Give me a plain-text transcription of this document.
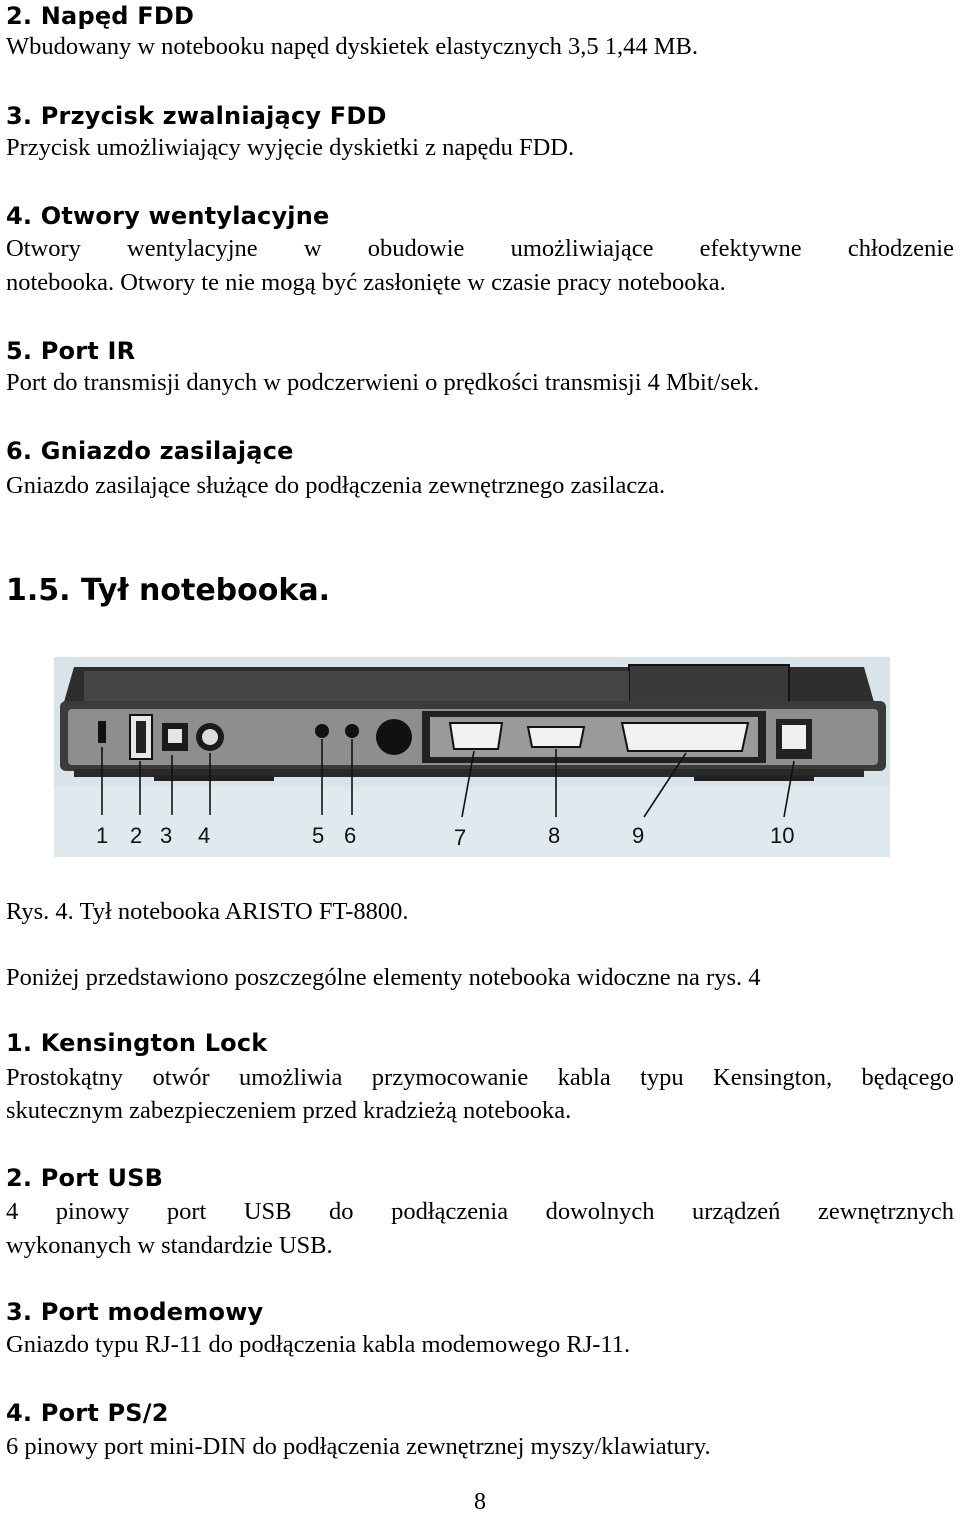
2. Napęd FDD

Wbudowany w notebooku napęd dyskietek elastycznych 3,5 1,44 MB.

3. Przycisk zwalniający FDD

Przycisk umożliwiający wyjęcie dyskietki z napędu FDD.

4. Otwory wentylacyjne

Otwory wentylacyjne w obudowie umożliwiające efektywne chłodzenie

notebooka. Otwory te nie mogą być zasłonięte w czasie pracy notebooka.

5. Port IR

Port do transmisji danych w podczerwieni o prędkości transmisji 4 Mbit/sek.

6. Gniazdo zasilające

Gniazdo zasilające służące do podłączenia zewnętrznego zasilacza.

1.5. Tył notebooka.
1 2 3 4	5 6	7	8	9	10

Rys. 4. Tył notebooka ARISTO FT-8800.

Poniżej przedstawiono poszczególne elementy notebooka widoczne na rys. 4

1. Kensington Lock

Prostokątny otwór umożliwia przymocowanie kabla typu Kensington, będącego

skutecznym zabezpieczeniem przed kradzieżą notebooka.

2. Port USB

4 pinowy port USB do podłączenia dowolnych urządzeń zewnętrznych

wykonanych w standardzie USB.

3. Port modemowy

Gniazdo typu RJ-11 do podłączenia kabla modemowego RJ-11.

4. Port PS/2

6 pinowy port mini-DIN do podłączenia zewnętrznej myszy/klawiatury.

8
